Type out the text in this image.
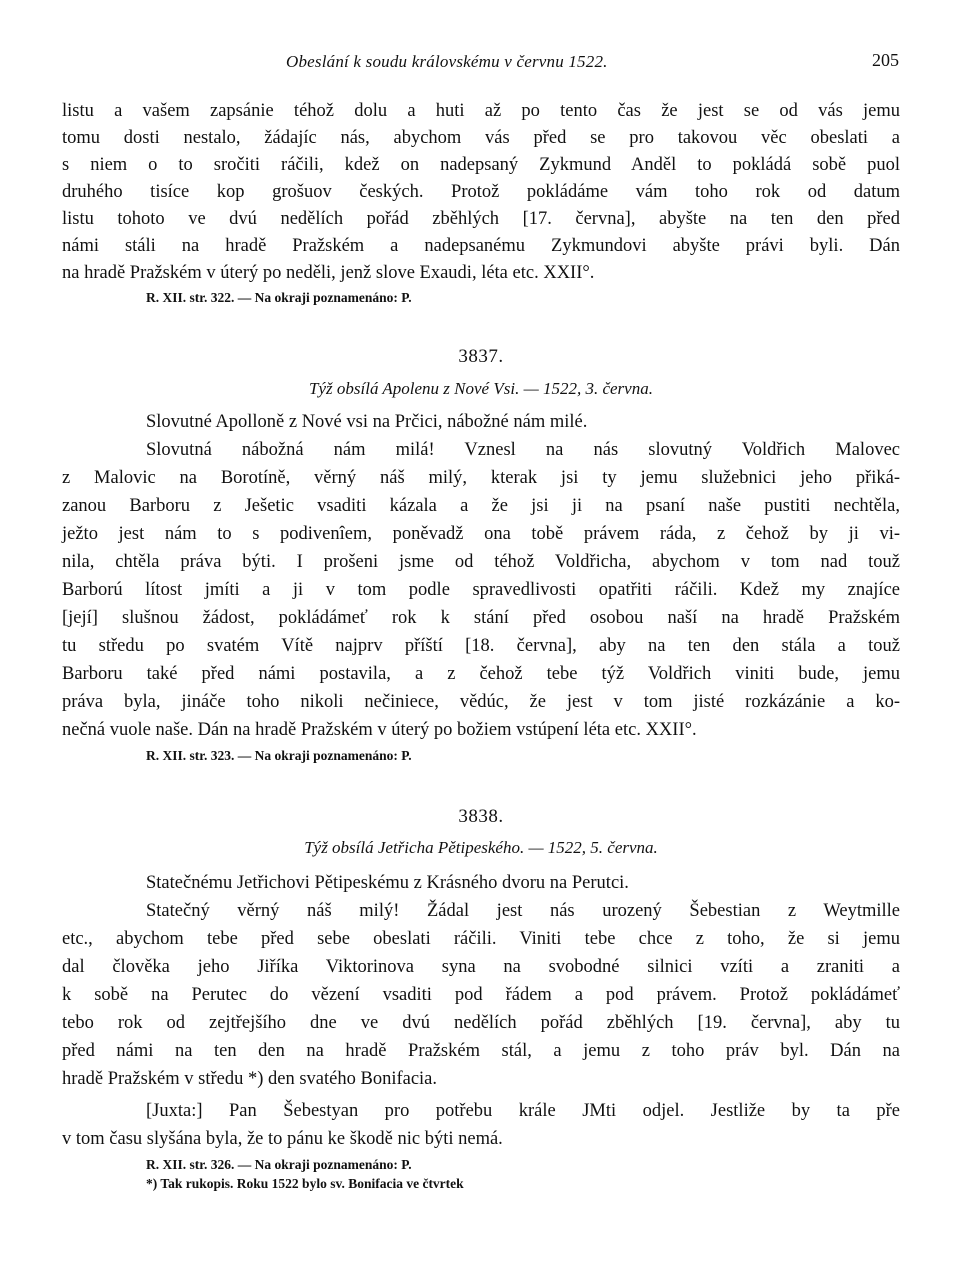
Obeslání k soudu královskému v červnu 1522.	205
listu a vašem zapsánie téhož dolu a huti až po tento čas že jest se od vás jemu
tomu dosti nestalo, žádajíc nás, abychom vás před se pro takovou věc obeslati a
s niem o to sročiti ráčili, kdež on nadepsaný Zykmund Anděl to pokládá sobě puol
druhého tisíce kop grošuov českých. Protož pokládáme vám toho rok od datum
listu tohoto ve dvú nedělích pořád zběhlých [17. června], abyšte na ten den před
námi stáli na hradě Pražském a nadepsanému Zykmundovi abyšte právi byli. Dán
na hradě Pražském v úterý po neděli, jenž slove Exaudi, léta etc. XXII°.
R. XII. str. 322. — Na okraji poznamenáno: P.
3837.
Týž obsílá Apolenu z Nové Vsi. — 1522, 3. června.
Slovutné Apolloně z Nové vsi na Prčici, nábožné nám milé.
Slovutná nábožná nám milá! Vznesl na nás slovutný Voldřich Malovec
z Malovic na Borotíně, věrný náš milý, kterak jsi ty jemu služebnici jeho přiká-
zanou Barboru z Ješetic vsaditi kázala a že jsi ji na psaní naše pustiti nechtěla,
ježto jest nám to s podivenîem, poněvadž ona tobě právem ráda, z čehož by ji vi-
nila, chtěla práva býti. I prošeni jsme od téhož Voldřicha, abychom v tom nad touž
Barború lítost jmíti a ji v tom podle spravedlivosti opatřiti ráčili. Kdež my znajíce
[její] slušnou žádost, pokládámeť rok k stání před osobou naší na hradě Pražském
tu středu po svatém Vítě najprv příští [18. června], aby na ten den stála a touž
Barboru také před námi postavila, a z čehož tebe týž Voldřich viniti bude, jemu
práva byla, jináče toho nikoli nečiniece, vědúc, že jest v tom jisté rozkázánie a ko-
nečná vuole naše. Dán na hradě Pražském v úterý po božiem vstúpení léta etc. XXII°.
R. XII. str. 323. — Na okraji poznamenáno: P.
3838.
Týž obsílá Jetřicha Pětipeského. — 1522, 5. června.
Statečnému Jetřichovi Pětipeskému z Krásného dvoru na Perutci.
Statečný věrný náš milý! Žádal jest nás urozený Šebestian z Weytmille
etc., abychom tebe před sebe obeslati ráčili. Viniti tebe chce z toho, že si jemu
dal člověka jeho Jiříka Viktorinova syna na svobodné silnici vzíti a zraniti a
k sobě na Perutec do vězení vsaditi pod řádem a pod právem. Protož pokládámeť
tebo rok od zejtřejšího dne ve dvú nedělích pořád zběhlých [19. června], aby tu
před námi na ten den na hradě Pražském stál, a jemu z toho práv byl. Dán na
hradě Pražském v středu *) den svatého Bonifacia.
[Juxta:] Pan Šebestyan pro potřebu krále JMti odjel. Jestliže by ta pře
v tom času slyšána byla, že to pánu ke škodě nic býti nemá.
R. XII. str. 326. — Na okraji poznamenáno: P.
*) Tak rukopis. Roku 1522 bylo sv. Bonifacia ve čtvrtek
